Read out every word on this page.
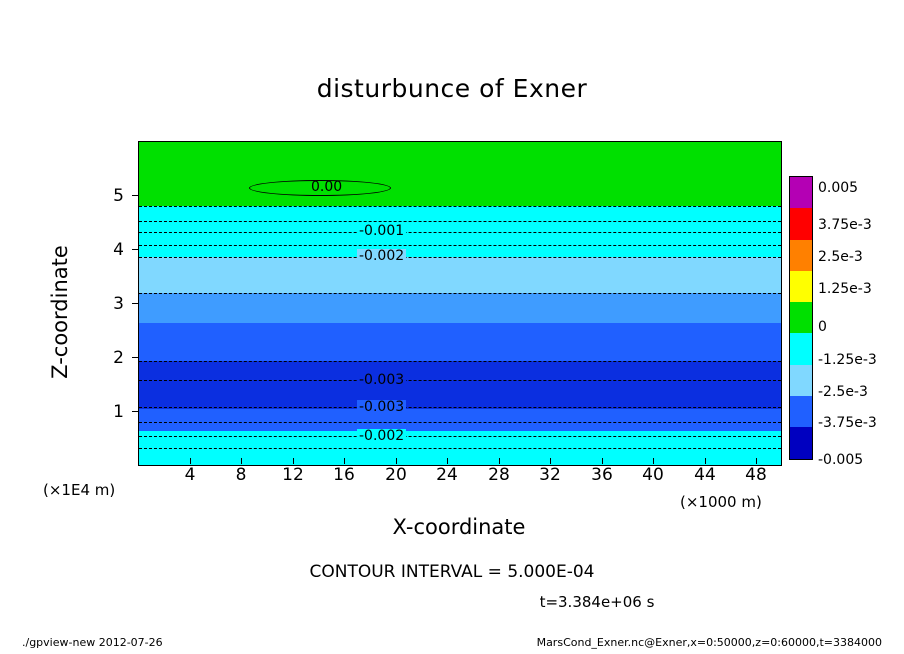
disturbunce of Exner
0.00
-0.001
-0.002
-0.003
-0.003
-0.002
4	8	12	16	20	24	28	32	36	40	44	48
1
2
3
4
5
Z-coordinate
X-coordinate
(×1E4 m)
(×1000 m)
0.005
3.75e-3
2.5e-3
1.25e-3
0
-1.25e-3
-2.5e-3
-3.75e-3
-0.005
CONTOUR INTERVAL = 5.000E-04
t=3.384e+06 s
./gpview-new 2012-07-26	MarsCond_Exner.nc@Exner,x=0:50000,z=0:60000,t=3384000
